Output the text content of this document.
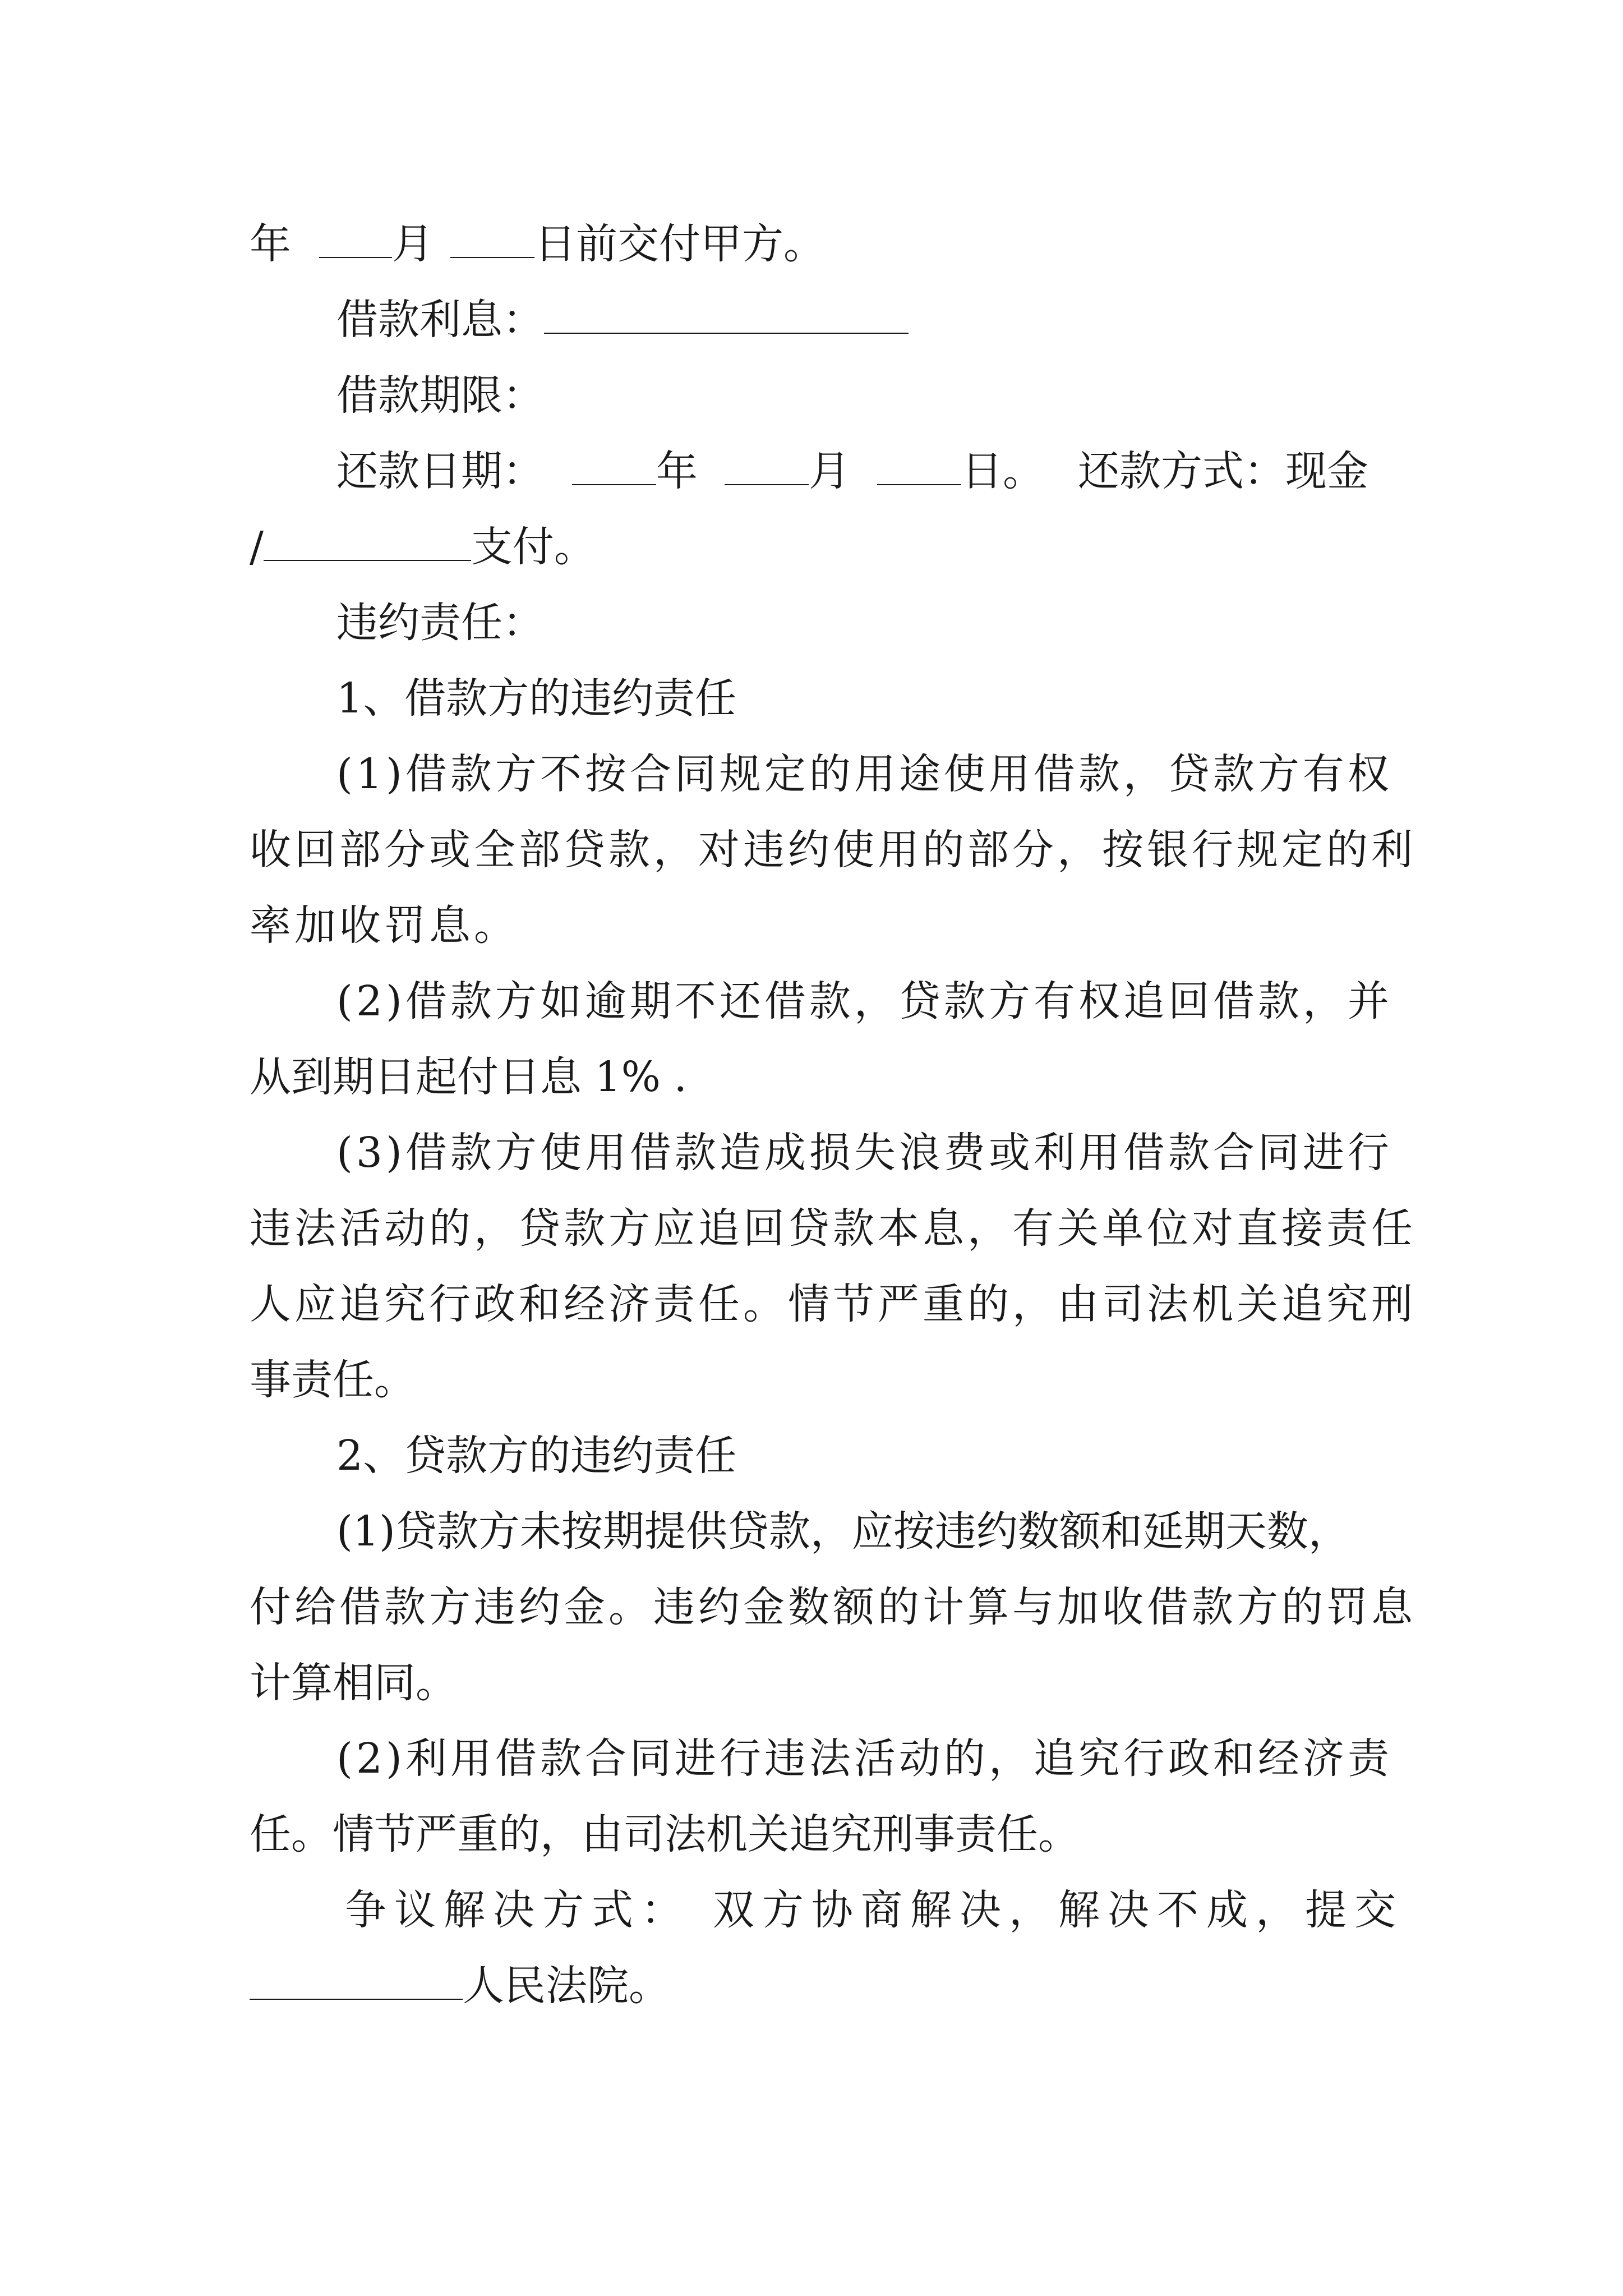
年 月 日前交付甲方。
借款利息：
借款期限：
还款日期：	年	月	日。 还款方式：现金
/	支付。
违约责任：
1、借款方的违约责任
(1)借款方不按合同规定的用途使用借款，贷款方有权
收回部分或全部贷款，对违约使用的部分，按银行规定的利
率加收罚息。
(2)借款方如逾期不还借款，贷款方有权追回借款，并
从到期日起付日息 1% .
(3)借款方使用借款造成损失浪费或利用借款合同进行
违法活动的，贷款方应追回贷款本息，有关单位对直接责任
人应追究行政和经济责任。情节严重的，由司法机关追究刑
事责任。
2、贷款方的违约责任
(1)贷款方未按期提供贷款，应按违约数额和延期天数，
付给借款方违约金。违约金数额的计算与加收借款方的罚息
计算相同。
(2)利用借款合同进行违法活动的，追究行政和经济责
任。情节严重的，由司法机关追究刑事责任。
争议解决方式： 双方协商解决，解决不成，提交
人民法院。
